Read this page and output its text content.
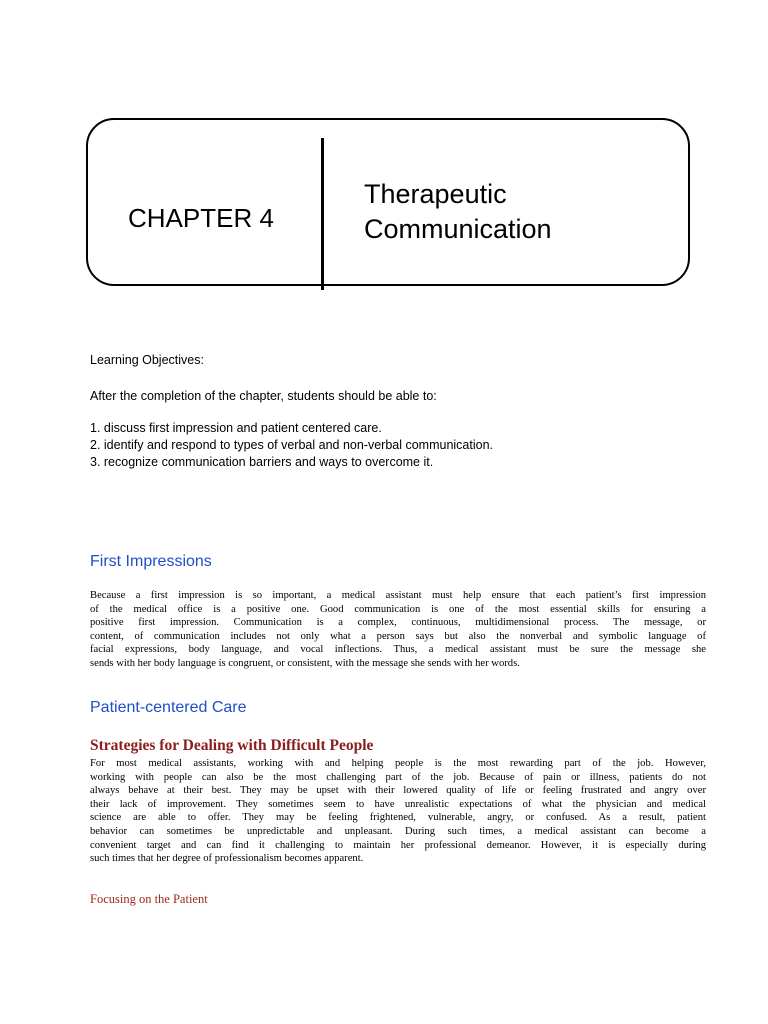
CHAPTER 4
Therapeutic
Communication
Learning Objectives:
After the completion of the chapter, students should be able to:
1. discuss first impression and patient centered care.
2. identify and respond to types of verbal and non-verbal communication.
3. recognize communication barriers and ways to overcome it.
First Impressions
Because a first impression is so important, a medical assistant must help ensure that each patient’s first impression
of the medical office is a positive one. Good communication is one of the most essential skills for ensuring a
positive first impression. Communication is a complex, continuous, multidimensional process. The message, or
content, of communication includes not only what a person says but also the nonverbal and symbolic language of
facial expressions, body language, and vocal inflections. Thus, a medical assistant must be sure the message she
sends with her body language is congruent, or consistent, with the message she sends with her words.
Patient-centered Care
Strategies for Dealing with Difficult People
For most medical assistants, working with and helping people is the most rewarding part of the job. However,
working with people can also be the most challenging part of the job. Because of pain or illness, patients do not
always behave at their best. They may be upset with their lowered quality of life or feeling frustrated and angry over
their lack of improvement. They sometimes seem to have unrealistic expectations of what the physician and medical
science are able to offer. They may be feeling frightened, vulnerable, angry, or confused. As a result, patient
behavior can sometimes be unpredictable and unpleasant. During such times, a medical assistant can become a
convenient target and can find it challenging to maintain her professional demeanor. However, it is especially during
such times that her degree of professionalism becomes apparent.
Focusing on the Patient
